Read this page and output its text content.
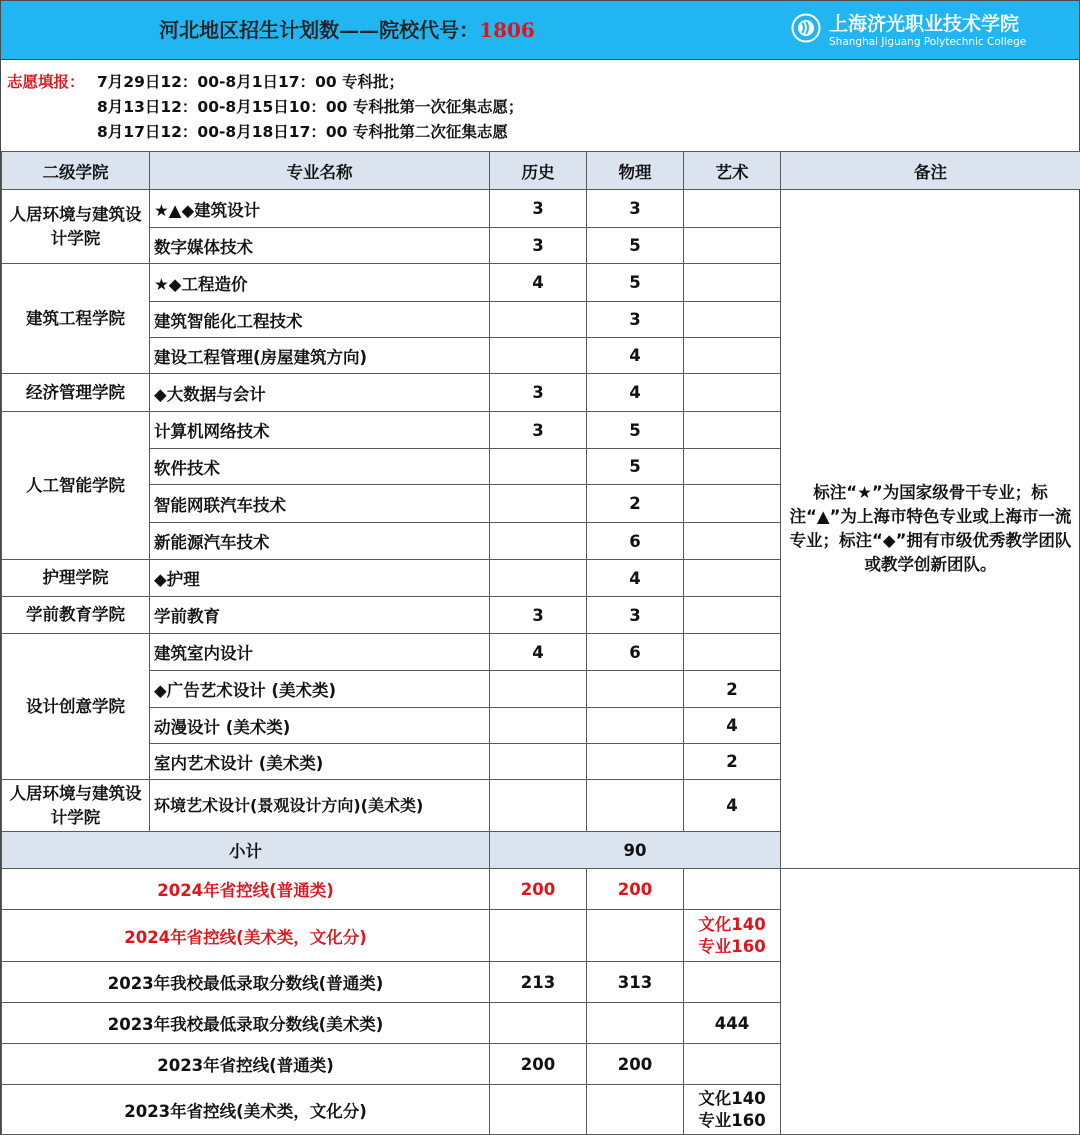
河北地区招生计划数——院校代号：1806	上海济光职业技术学院
Shanghai Jiguang Polytechnic College
志愿填报： 7月29日12：00-8月1日17：00 专科批；
8月13日12：00-8月15日10：00 专科批第一次征集志愿；
8月17日12：00-8月18日17：00 专科批第二次征集志愿
二级学院	专业名称	历史	物理	艺术	备注
人居环境与建筑设计学院	★▲◆建筑设计	3	3		标注“★”为国家级骨干专业；标注“▲”为上海市特色专业或上海市一流专业；标注“◆”拥有市级优秀教学团队或教学创新团队。
	数字媒体技术	3	5		
建筑工程学院	★◆工程造价	4	5		
	建筑智能化工程技术		3		
	建设工程管理(房屋建筑方向)		4		
经济管理学院	◆大数据与会计	3	4		
人工智能学院	计算机网络技术	3	5		
	软件技术		5		
	智能网联汽车技术		2		
	新能源汽车技术		6		
护理学院	◆护理		4		
学前教育学院	学前教育	3	3		
设计创意学院	建筑室内设计	4	6		
	◆广告艺术设计 (美术类)			2	
	动漫设计 (美术类)			4	
	室内艺术设计 (美术类)			2	
人居环境与建筑设计学院	环境艺术设计(景观设计方向)(美术类)			4	
小计		90			
2024年省控线(普通类)		200	200		
2024年省控线(美术类，文化分)				文化140
专业160	

2023年我校最低录取分数线(普通类)		213	313		
2023年我校最低录取分数线(美术类)				444	
2023年省控线(普通类)		200	200		
2023年省控线(美术类，文化分)				文化140
专业160	
